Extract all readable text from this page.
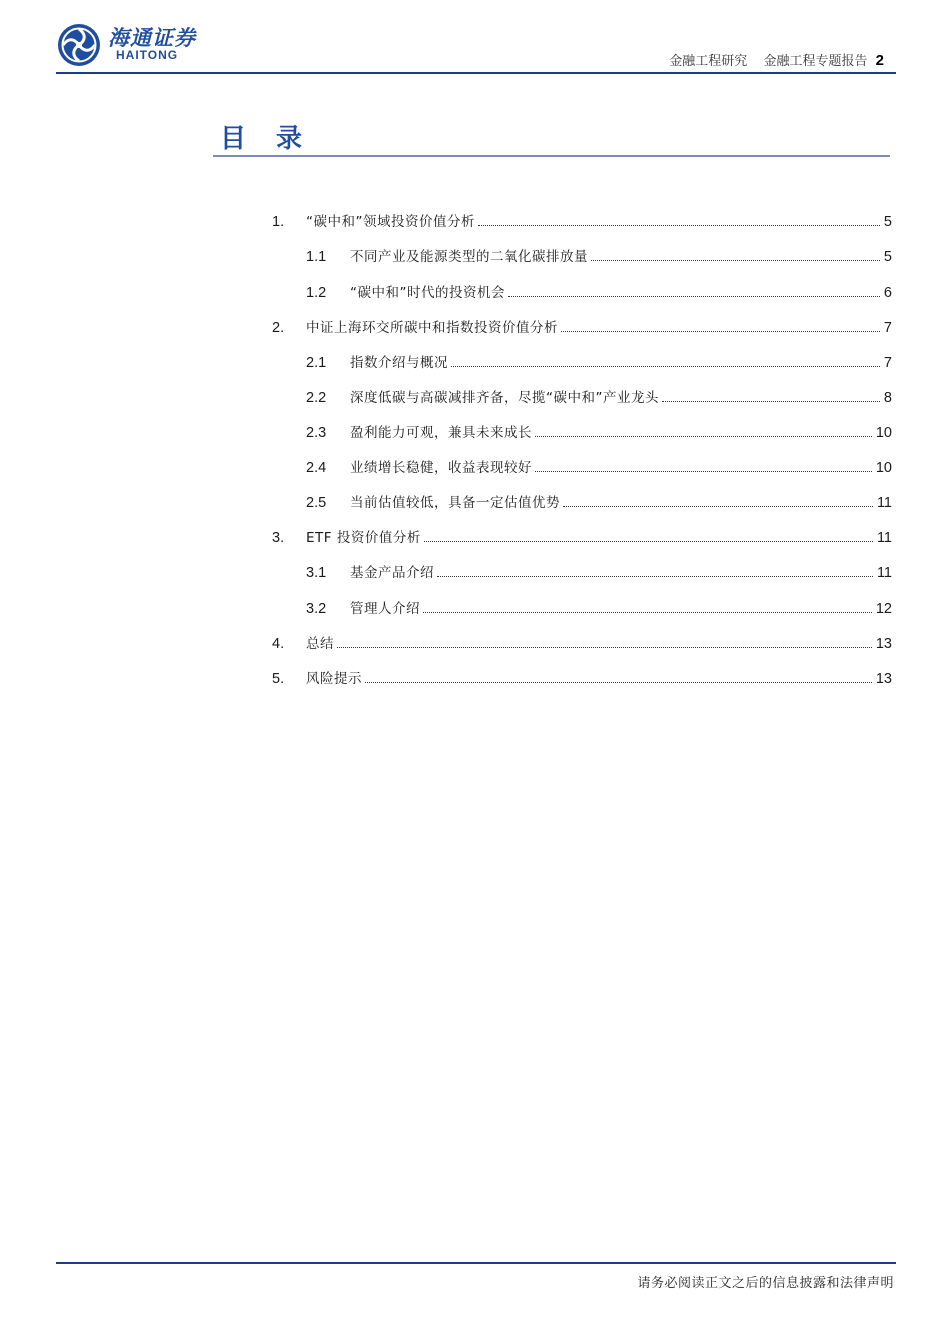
海通证券
HAITONG	金融工程研究 金融工程专题报告 2
目录
1.	“碳中和”领域投资价值分析	5
1.1	不同产业及能源类型的二氧化碳排放量	5
1.2	“碳中和”时代的投资机会	6
2.	中证上海环交所碳中和指数投资价值分析	7
2.1	指数介绍与概况	7
2.2	深度低碳与高碳减排齐备，尽揽“碳中和”产业龙头	8
2.3	盈利能力可观，兼具未来成长	10
2.4	业绩增长稳健，收益表现较好	10
2.5	当前估值较低，具备一定估值优势	11
3.	ETF 投资价值分析	11
3.1	基金产品介绍	11
3.2	管理人介绍	12
4.	总结	13
5.	风险提示	13
请务必阅读正文之后的信息披露和法律声明
